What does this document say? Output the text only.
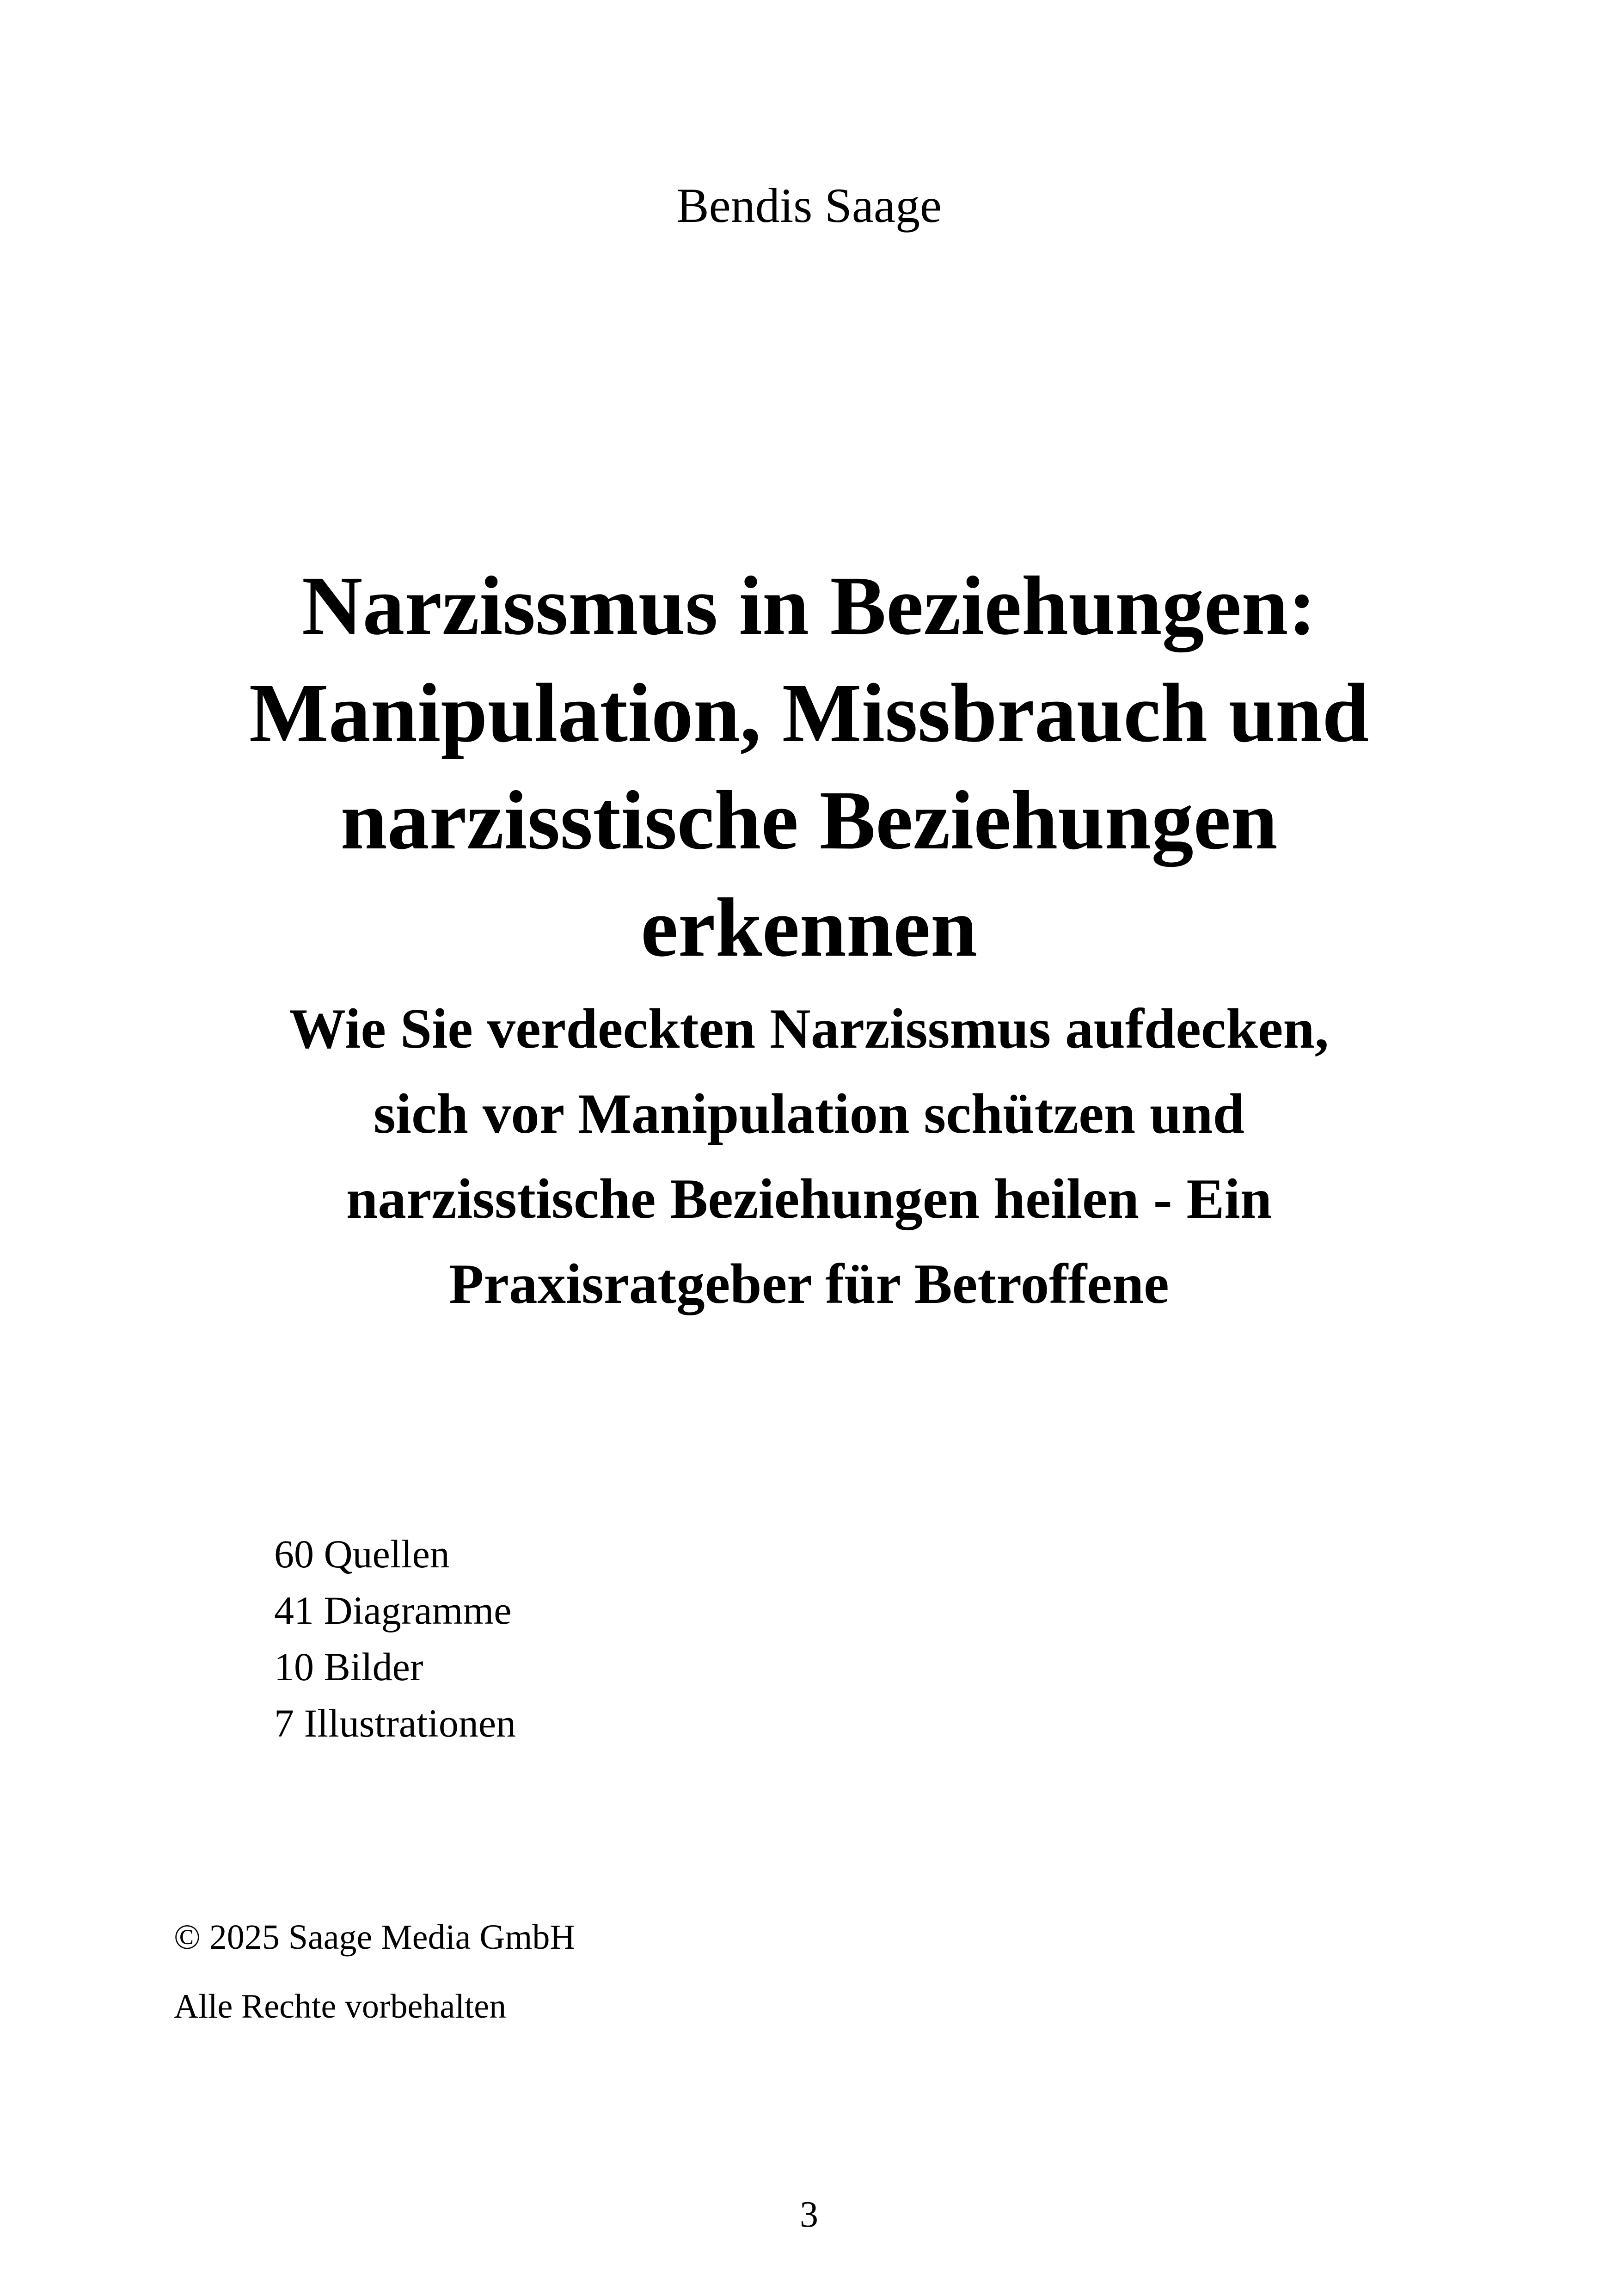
Bendis Saage
Narzissmus in Beziehungen:
Manipulation, Missbrauch und
narzisstische Beziehungen
erkennen
Wie Sie verdeckten Narzissmus aufdecken,
sich vor Manipulation schützen und
narzisstische Beziehungen heilen - Ein
Praxisratgeber für Betroffene
60 Quellen
41 Diagramme
10 Bilder
7 Illustrationen
© 2025 Saage Media GmbH
Alle Rechte vorbehalten
3
